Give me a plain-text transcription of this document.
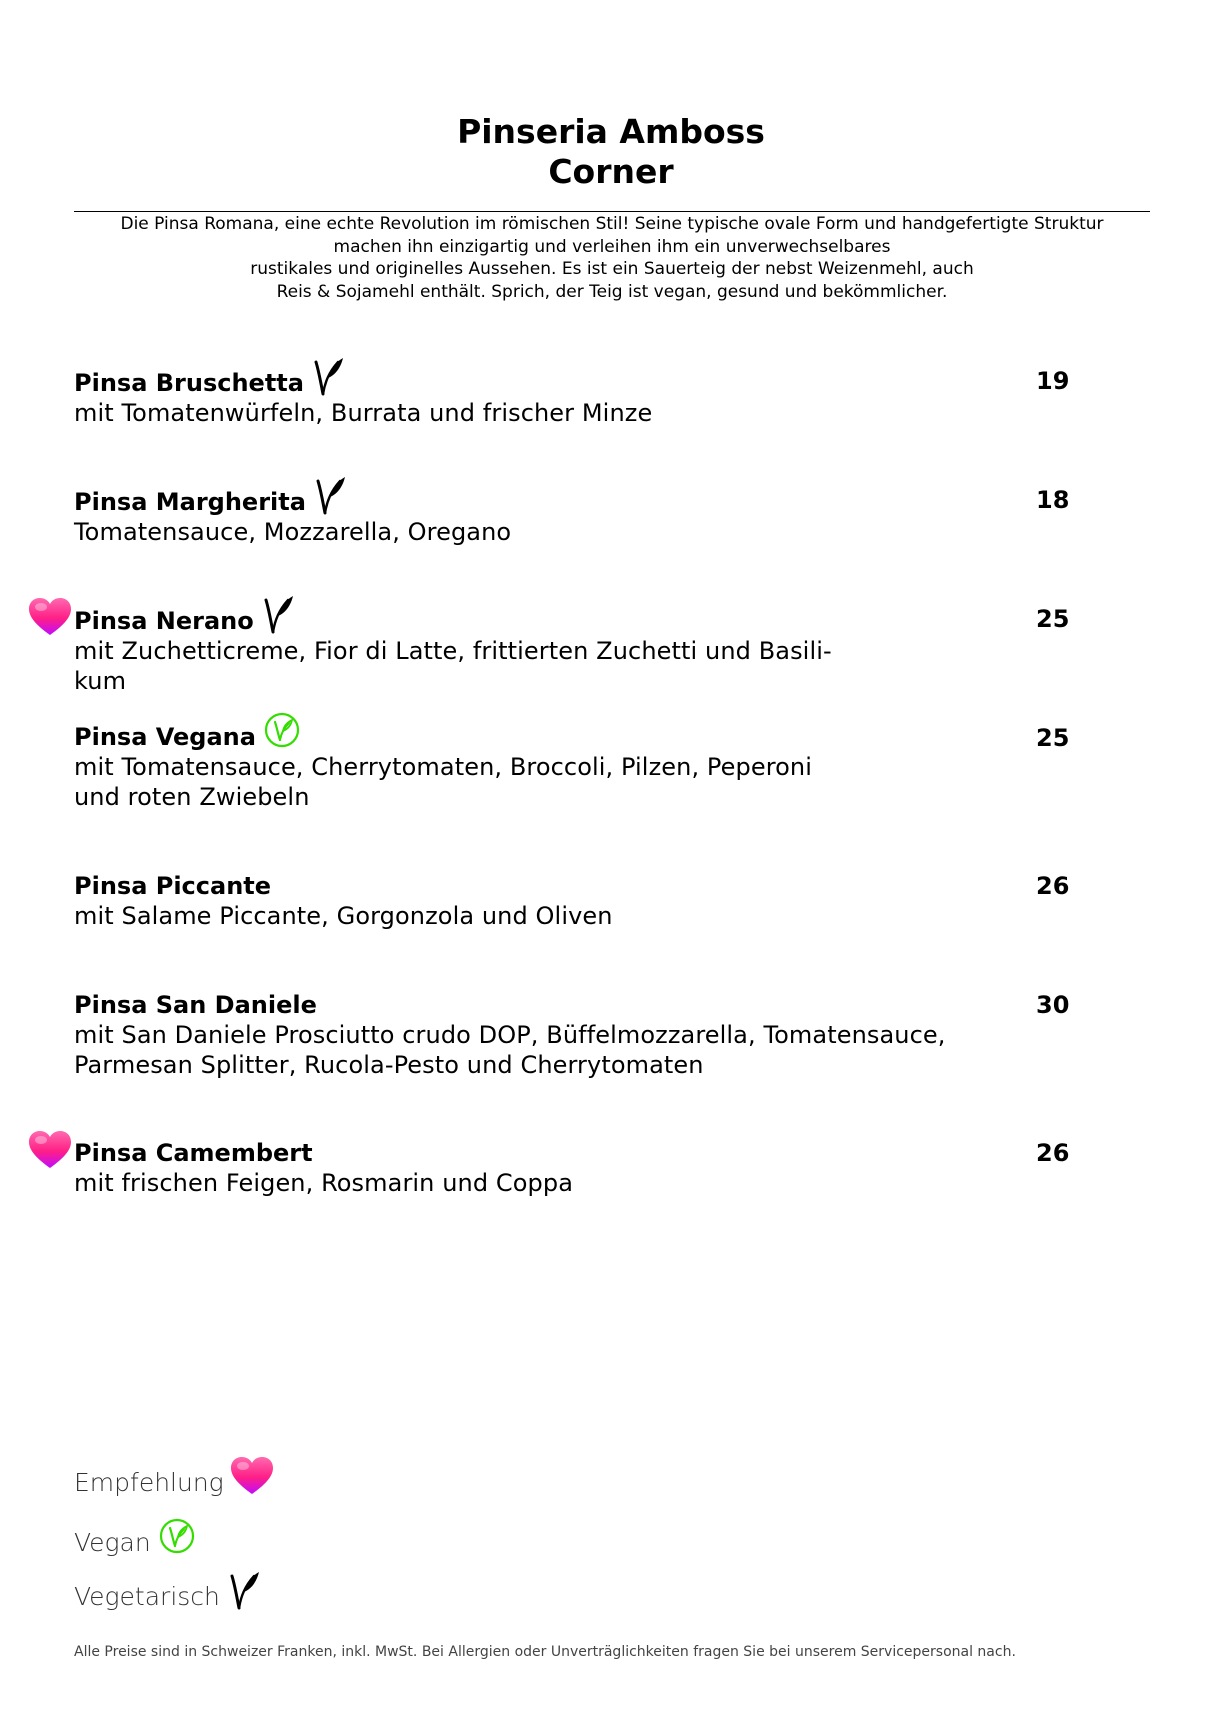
Pinseria Amboss
Corner
Die Pinsa Romana, eine echte Revolution im römischen Stil! Seine typische ovale Form und handgefertigte Struktur
machen ihn einzigartig und verleihen ihm ein unverwechselbares
rustikales und originelles Aussehen. Es ist ein Sauerteig der nebst Weizenmehl, auch
Reis & Sojamehl enthält. Sprich, der Teig ist vegan, gesund und bekömmlicher.
Pinsa Bruschetta
mit Tomatenwürfeln, Burrata und frischer Minze
19
Pinsa Margherita
Tomatensauce, Mozzarella, Oregano
18
Pinsa Nerano
mit Zuchetticreme, Fior di Latte, frittierten Zuchetti und Basili-
kum
25
Pinsa Vegana
mit Tomatensauce, Cherrytomaten, Broccoli, Pilzen, Peperoni
und roten Zwiebeln
25
Pinsa Piccante
mit Salame Piccante, Gorgonzola und Oliven
26
Pinsa San Daniele
mit San Daniele Prosciutto crudo DOP, Büffelmozzarella, Tomatensauce,
Parmesan Splitter, Rucola-Pesto und Cherrytomaten
30
Pinsa Camembert
mit frischen Feigen, Rosmarin und Coppa
26
Empfehlung
Vegan
Vegetarisch
Alle Preise sind in Schweizer Franken, inkl. MwSt. Bei Allergien oder Unverträglichkeiten fragen Sie bei unserem Servicepersonal nach.
